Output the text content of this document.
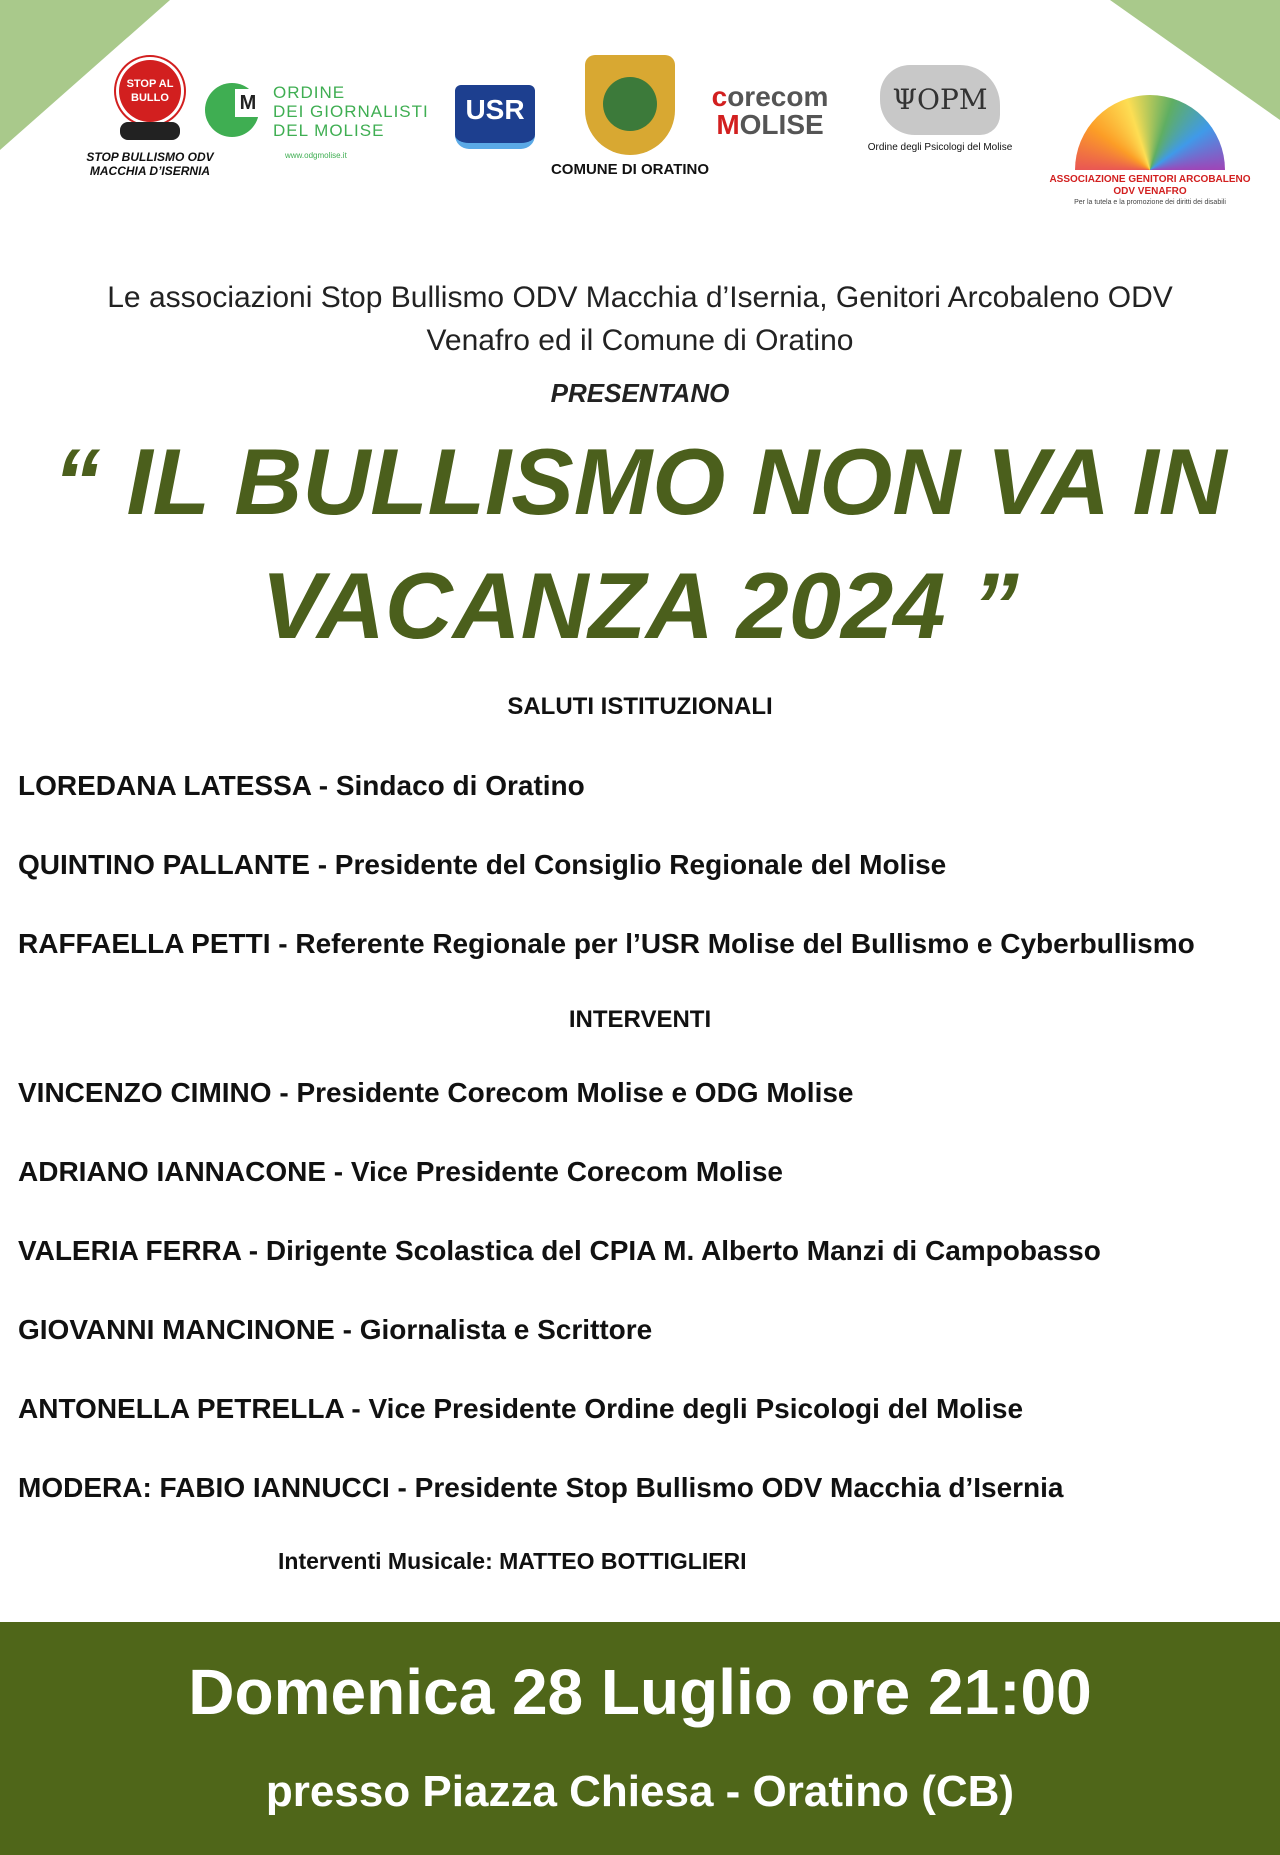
STOP AL BULLO
STOP BULLISMO ODV
MACCHIA D’ISERNIA
M ORDINE
DEI GIORNALISTI
DEL MOLISE
www.odgmolise.it
USR
COMUNE DI ORATINO
corecom
MOLISE
ΨOPM
Ordine degli Psicologi del Molise
ASSOCIAZIONE GENITORI ARCOBALENO
ODV VENAFRO
Per la tutela e la promozione dei diritti dei disabili
Le associazioni Stop Bullismo ODV Macchia d’Isernia, Genitori Arcobaleno ODV
Venafro ed il Comune di Oratino
PRESENTANO
“ IL BULLISMO NON VA IN
VACANZA 2024 ”
SALUTI ISTITUZIONALI
LOREDANA LATESSA - Sindaco di Oratino
QUINTINO PALLANTE - Presidente del Consiglio Regionale del Molise
RAFFAELLA PETTI - Referente Regionale per l’USR Molise del Bullismo e Cyberbullismo
INTERVENTI
VINCENZO CIMINO - Presidente Corecom Molise e ODG Molise
ADRIANO IANNACONE - Vice Presidente Corecom Molise
VALERIA FERRA - Dirigente Scolastica del CPIA M. Alberto Manzi di Campobasso
GIOVANNI MANCINONE - Giornalista e Scrittore
ANTONELLA PETRELLA - Vice Presidente Ordine degli Psicologi del Molise
MODERA: FABIO IANNUCCI - Presidente Stop Bullismo ODV Macchia d’Isernia
Interventi Musicale: MATTEO BOTTIGLIERI
Domenica 28 Luglio ore 21:00
presso Piazza Chiesa - Oratino (CB)
